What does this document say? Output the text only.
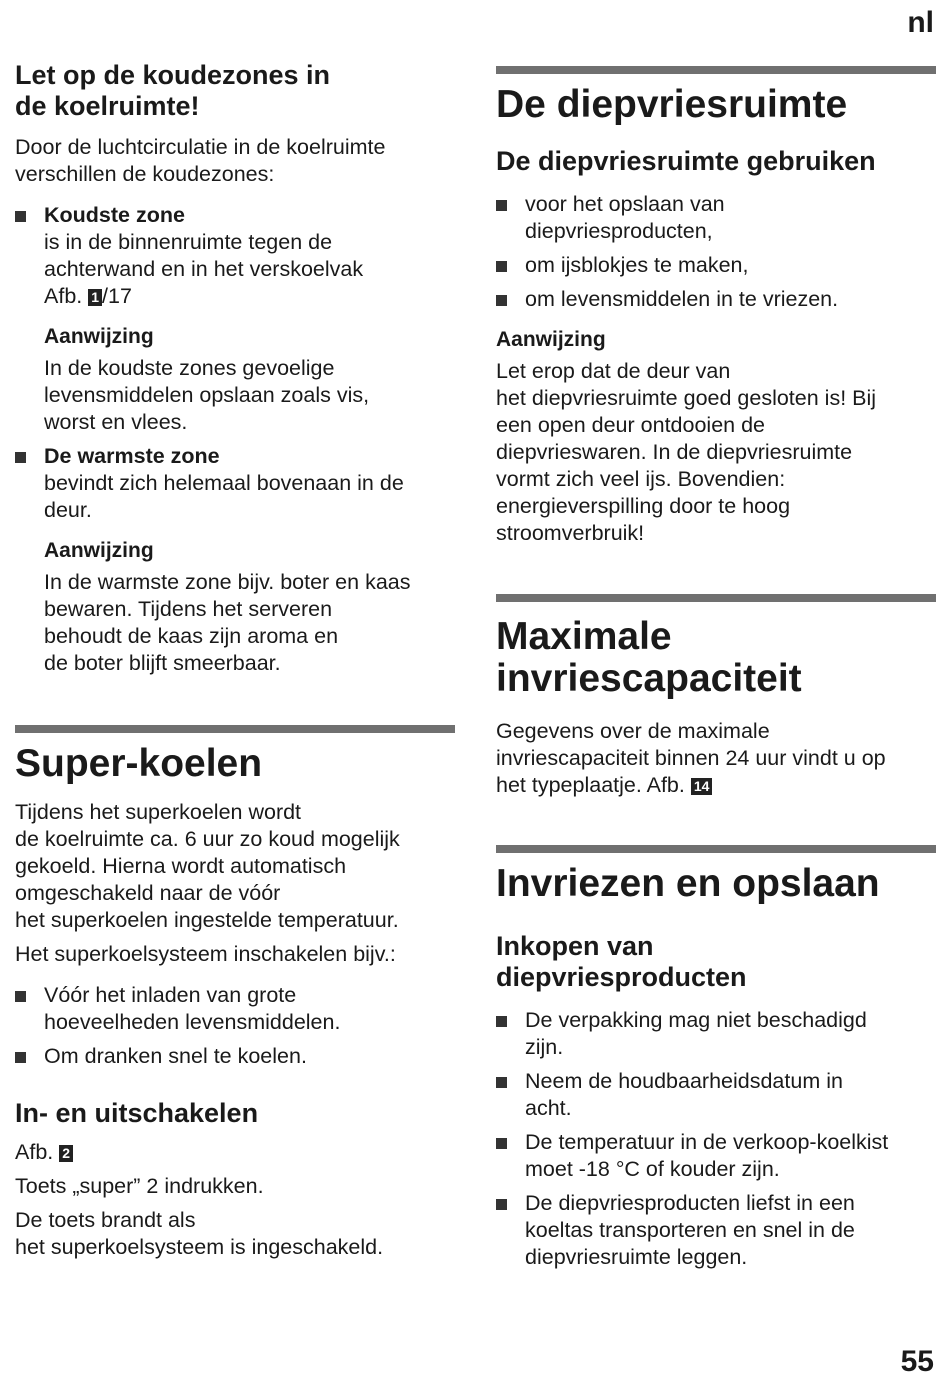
nl
Let op de koudezones in
de koelruimte!

Door de luchtcirculatie in de koelruimte
verschillen de koudezones:

Koudste zone
is in de binnenruimte tegen de
achterwand en in het verskoelvak
Afb. 1 /17

Aanwijzing

In de koudste zones gevoelige
levensmiddelen opslaan zoals vis,
worst en vlees.

De warmste zone
bevindt zich helemaal bovenaan in de
deur.

Aanwijzing

In de warmste zone bijv. boter en kaas
bewaren. Tijdens het serveren
behoudt de kaas zijn aroma en
de boter blijft smeerbaar.

Super-koelen

Tijdens het superkoelen wordt
de koelruimte ca. 6 uur zo koud mogelijk
gekoeld. Hierna wordt automatisch
omgeschakeld naar de vóór
het superkoelen ingestelde temperatuur.

Het superkoelsysteem inschakelen bijv.:

Vóór het inladen van grote
hoeveelheden levensmiddelen.
Om dranken snel te koelen.
In- en uitschakelen

Afb. 2

Toets „super” 2 indrukken.

De toets brandt als
het superkoelsysteem is ingeschakeld.

De diepvriesruimte
De diepvriesruimte gebruiken
voor het opslaan van
diepvriesproducten,
om ijsblokjes te maken,
om levensmiddelen in te vriezen.

Aanwijzing

Let erop dat de deur van
het diepvriesruimte goed gesloten is! Bij
een open deur ontdooien de
diepvrieswaren. In de diepvriesruimte
vormt zich veel ijs. Bovendien:
energieverspilling door te hoog
stroomverbruik!

Maximale
invriescapaciteit

Gegevens over de maximale
invriescapaciteit binnen 24 uur vindt u op
het typeplaatje. Afb. 14

Invriezen en opslaan
Inkopen van
diepvriesproducten
De verpakking mag niet beschadigd
zijn.
Neem de houdbaarheidsdatum in
acht.
De temperatuur in de verkoop-koelkist
moet -18 °C of kouder zijn.
De diepvriesproducten liefst in een
koeltas transporteren en snel in de
diepvriesruimte leggen.
55
